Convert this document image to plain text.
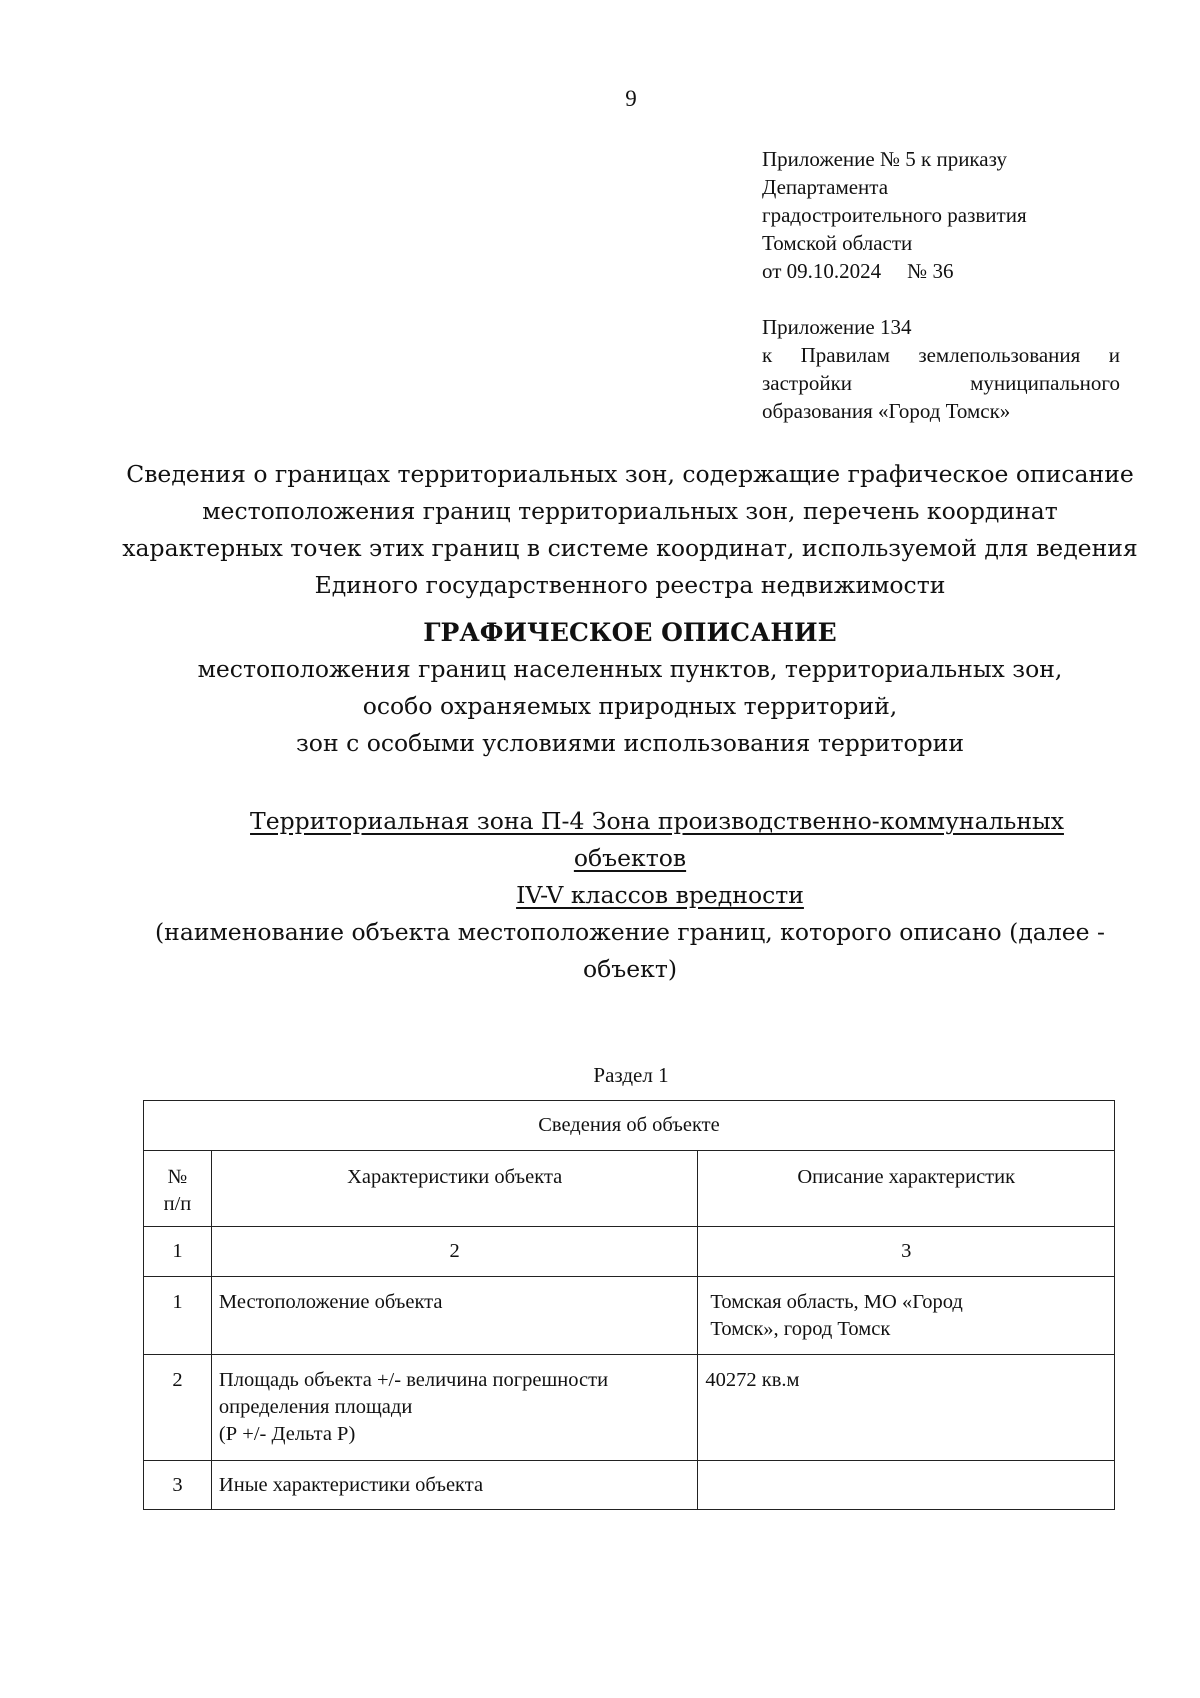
9
Приложение № 5 к приказу
Департамента
градостроительного развития
Томской области
от 09.10.2024 № 36
Приложение 134
к Правилам землепользования и
застройки	муниципального
образования «Город Томск»
Сведения о границах территориальных зон, содержащие графическое описание
местоположения границ территориальных зон, перечень координат
характерных точек этих границ в системе координат, используемой для ведения
Единого государственного реестра недвижимости
ГРАФИЧЕСКОЕ ОПИСАНИЕ
местоположения границ населенных пунктов, территориальных зон,
особо охраняемых природных территорий,
зон с особыми условиями использования территории
Территориальная зона П-4 Зона производственно-коммунальных
объектов
IV-V классов вредности
(наименование объекта местоположение границ, которого описано (далее -
объект)
Раздел 1
Сведения об объекте		

№
п/п	Характеристики объекта	Описание характеристик
1	2	3
1	Местоположение объекта	Томская область, МО «Город
Томск», город Томск

2	Площадь объекта +/- величина погрешности
определения площади
(Р +/- Дельта Р)	40272 кв.м

3	Иные характеристики объекта	
